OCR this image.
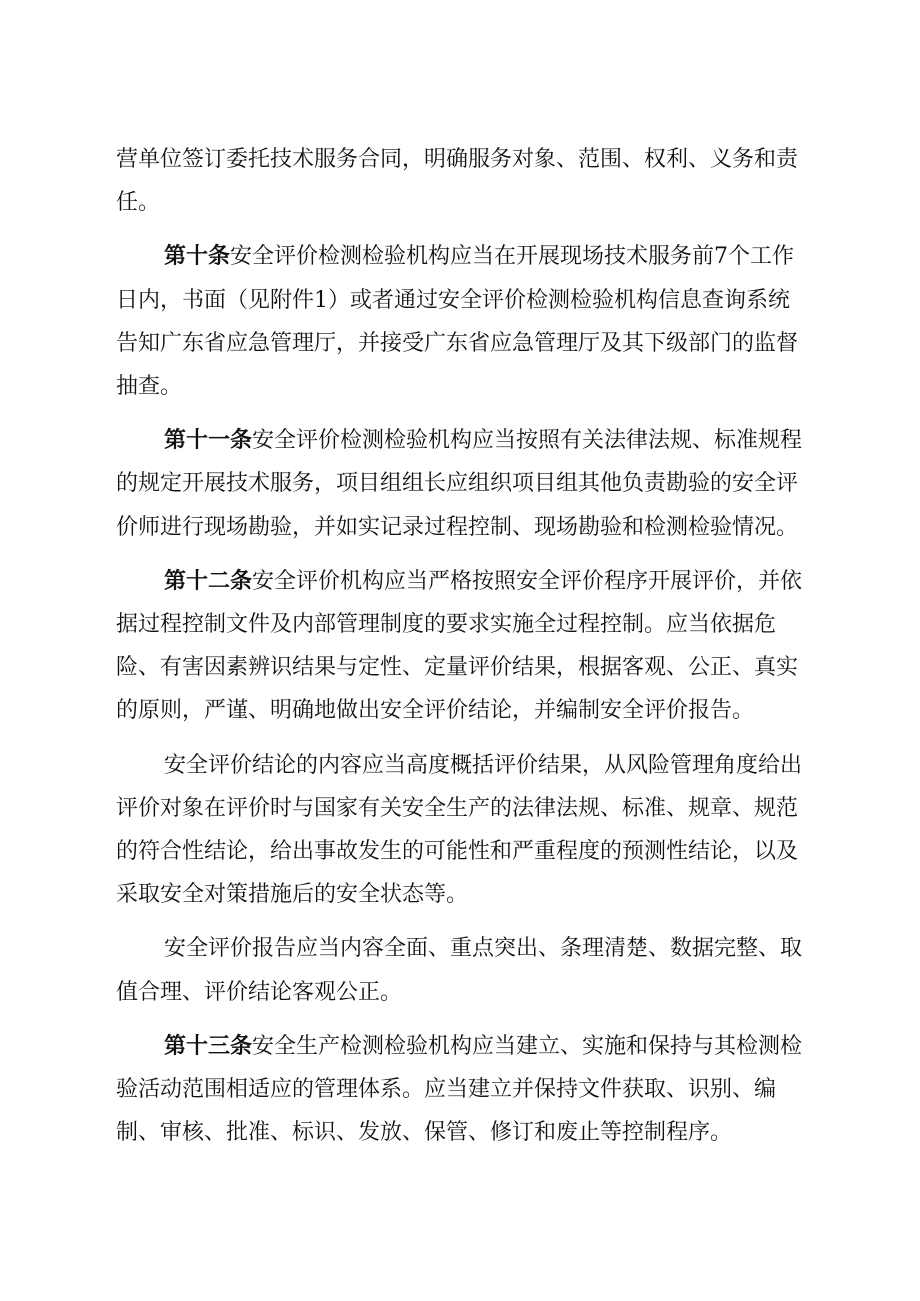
营单位签订委托技术服务合同，明确服务对象、范围、权利、义务和责任。

第十条安全评价检测检验机构应当在开展现场技术服务前7个工作日内，书面（见附件1）或者通过安全评价检测检验机构信息查询系统告知广东省应急管理厅，并接受广东省应急管理厅及其下级部门的监督抽查。

第十一条安全评价检测检验机构应当按照有关法律法规、标准规程的规定开展技术服务，项目组组长应组织项目组其他负责勘验的安全评价师进行现场勘验，并如实记录过程控制、现场勘验和检测检验情况。

第十二条安全评价机构应当严格按照安全评价程序开展评价，并依据过程控制文件及内部管理制度的要求实施全过程控制。应当依据危险、有害因素辨识结果与定性、定量评价结果，根据客观、公正、真实的原则，严谨、明确地做出安全评价结论，并编制安全评价报告。

安全评价结论的内容应当高度概括评价结果，从风险管理角度给出评价对象在评价时与国家有关安全生产的法律法规、标准、规章、规范的符合性结论，给出事故发生的可能性和严重程度的预测性结论，以及采取安全对策措施后的安全状态等。

安全评价报告应当内容全面、重点突出、条理清楚、数据完整、取值合理、评价结论客观公正。

第十三条安全生产检测检验机构应当建立、实施和保持与其检测检验活动范围相适应的管理体系。应当建立并保持文件获取、识别、编制、审核、批准、标识、发放、保管、修订和废止等控制程序。
